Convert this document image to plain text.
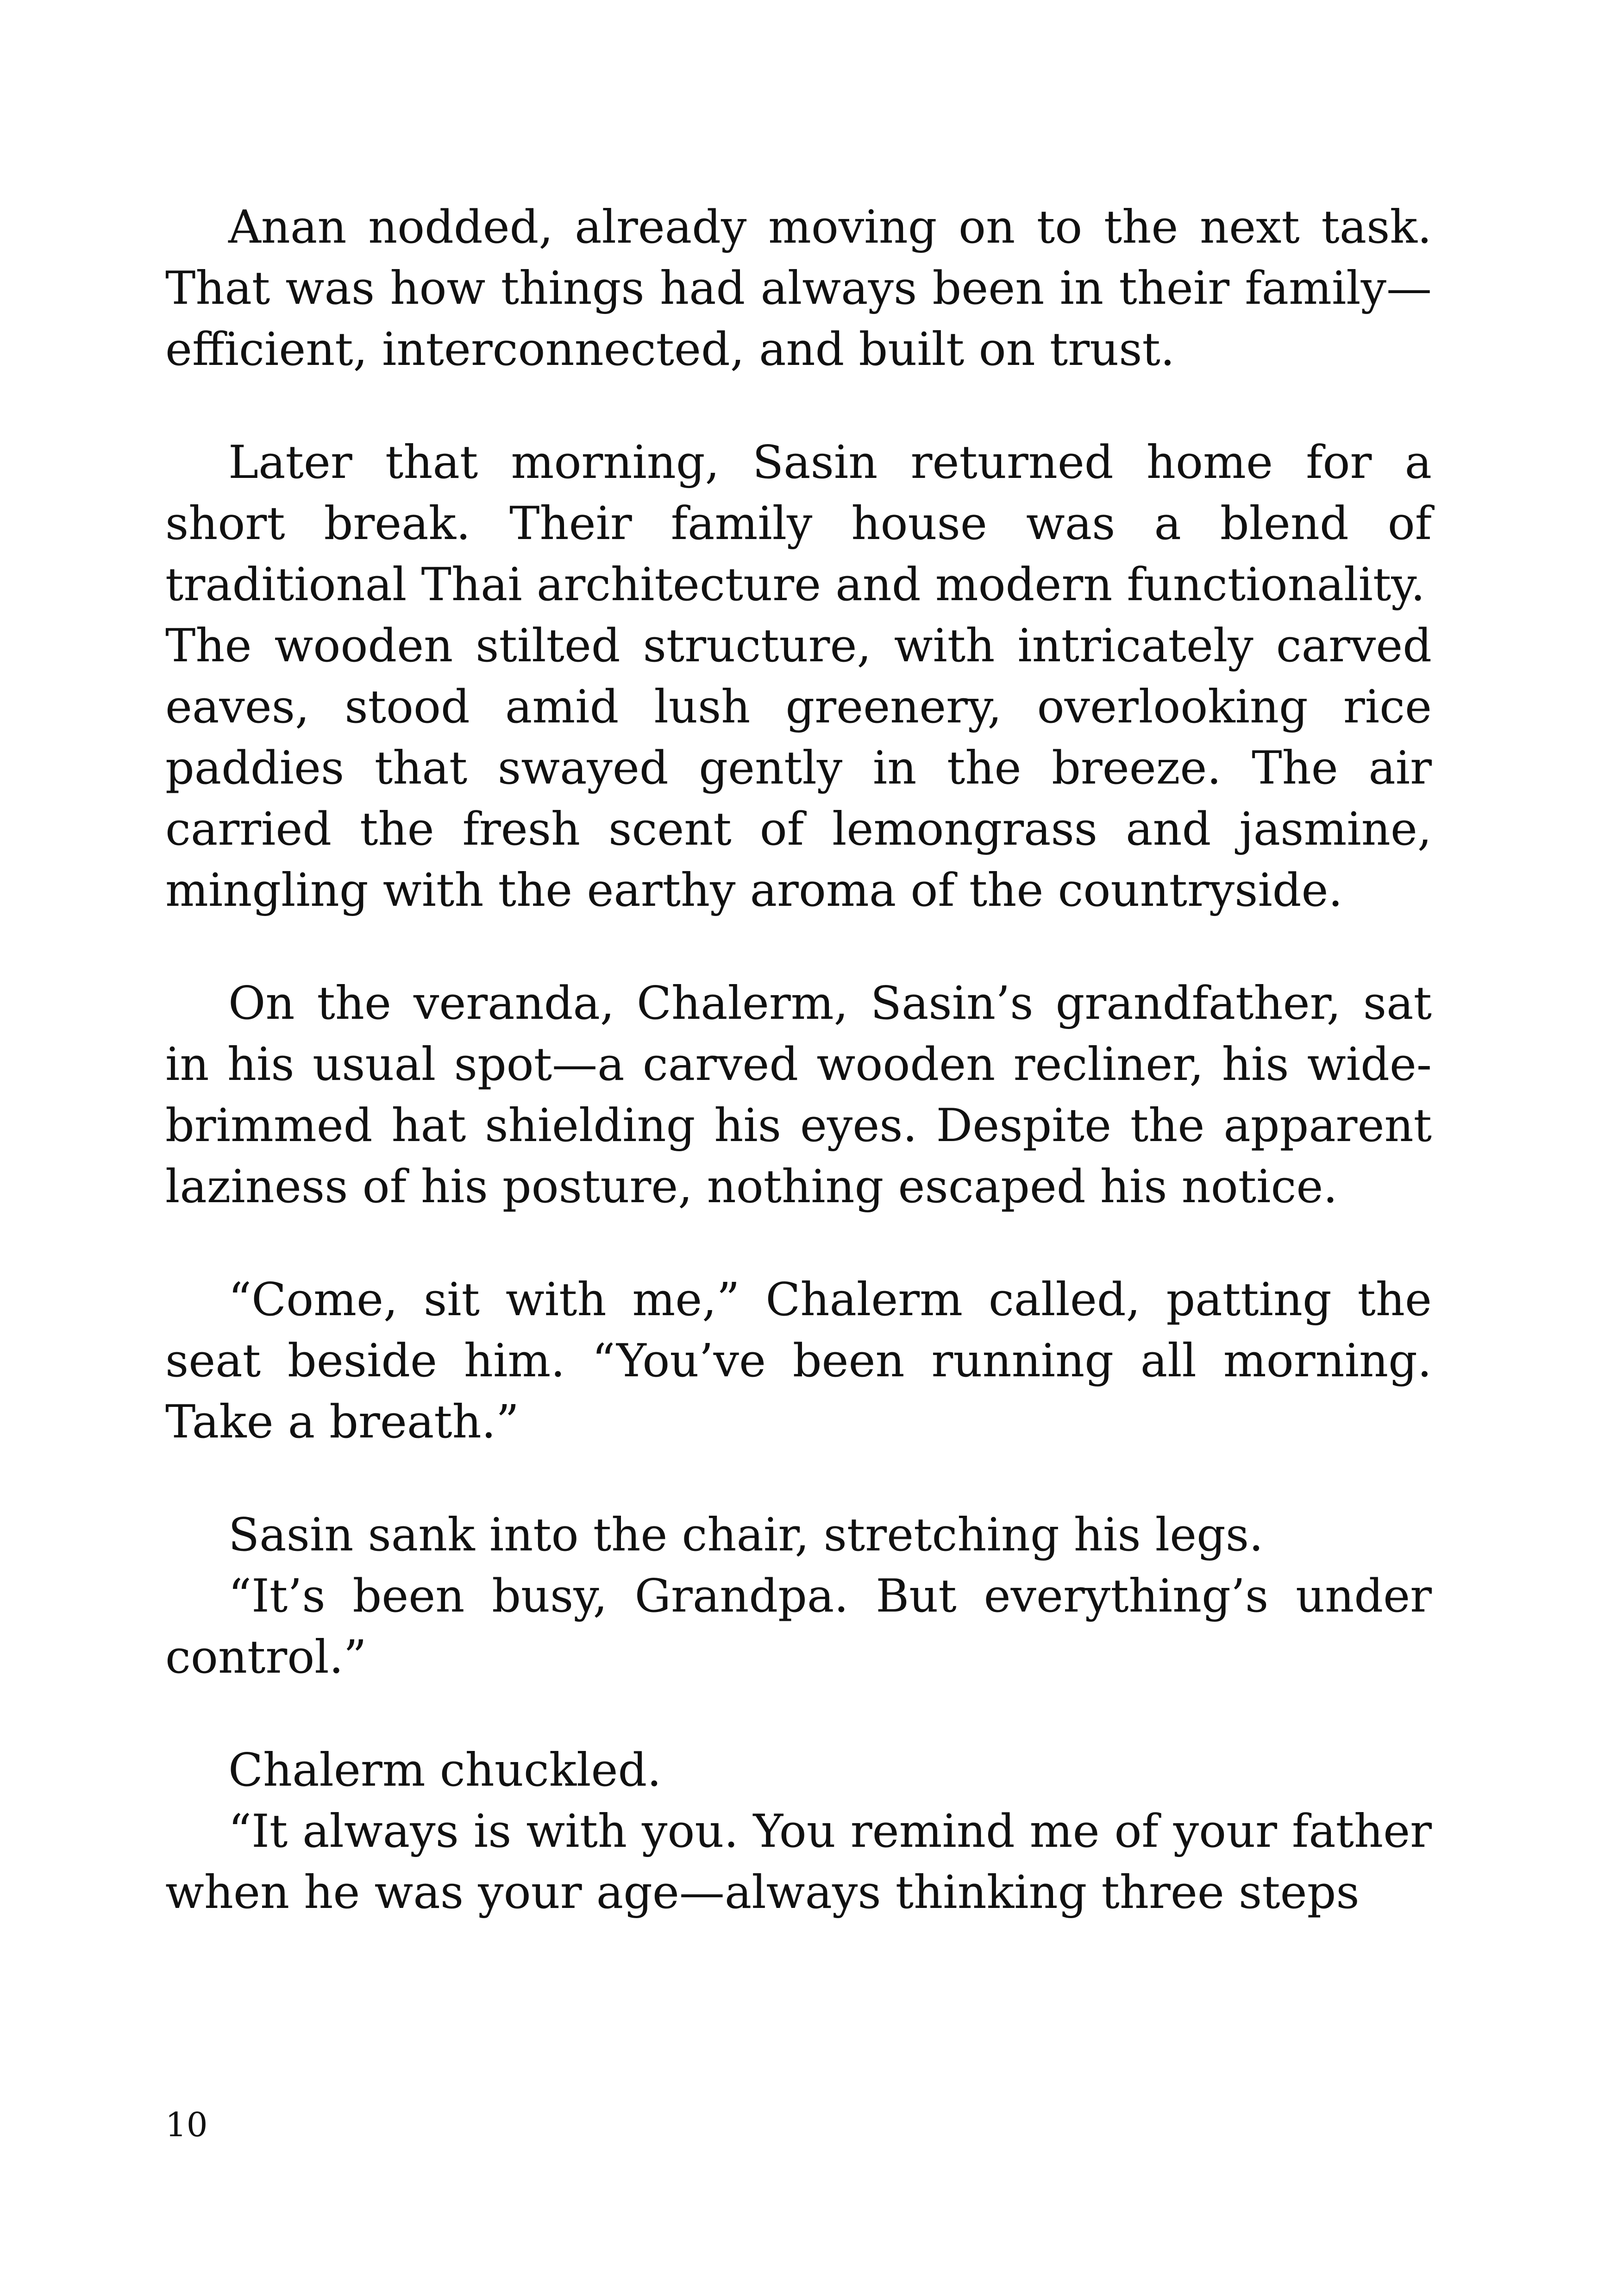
Anan nodded, already moving on to the next task. That was how things had always been in their family—efficient, interconnected, and built on trust.

Later that morning, Sasin returned home for a short break. Their family house was a blend of traditional Thai architecture and modern functionality.

The wooden stilted structure, with intricately carved eaves, stood amid lush greenery, overlooking rice paddies that swayed gently in the breeze. The air carried the fresh scent of lemongrass and jasmine, mingling with the earthy aroma of the countryside.

On the veranda, Chalerm, Sasin’s grandfather, sat in his usual spot—a carved wooden recliner, his wide-brimmed hat shielding his eyes. Despite the apparent laziness of his posture, nothing escaped his notice.

“Come, sit with me,” Chalerm called, patting the seat beside him. “You’ve been running all morning. Take a breath.”

Sasin sank into the chair, stretching his legs.

“It’s been busy, Grandpa. But everything’s under control.”

Chalerm chuckled.

“It always is with you. You remind me of your father when he was your age—always thinking three steps

10
